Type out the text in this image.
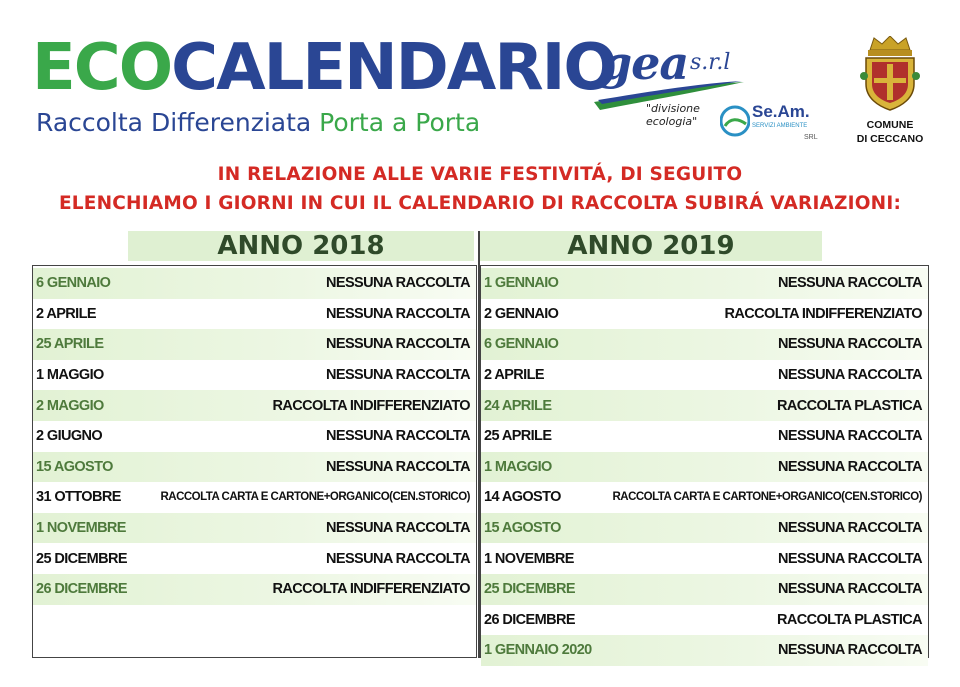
ECOCALENDARIO
Raccolta Differenziata Porta a Porta
gea s.r.l
"divisione ecologia"
Se.Am.
SERVIZI AMBIENTE
SRL
COMUNE
DI CECCANO
IN RELAZIONE ALLE VARIE FESTIVITÁ, DI SEGUITO
ELENCHIAMO I GIORNI IN CUI IL CALENDARIO DI RACCOLTA SUBIRÁ VARIAZIONI:
ANNO 2018	ANNO 2019
6 GENNAIO	NESSUNA RACCOLTA
2 APRILE	NESSUNA RACCOLTA
25 APRILE	NESSUNA RACCOLTA
1 MAGGIO	NESSUNA RACCOLTA
2 MAGGIO	RACCOLTA INDIFFERENZIATO
2 GIUGNO	NESSUNA RACCOLTA
15 AGOSTO	NESSUNA RACCOLTA
31 OTTOBRE	RACCOLTA CARTA E CARTONE+ORGANICO(CEN.STORICO)
1 NOVEMBRE	NESSUNA RACCOLTA
25 DICEMBRE	NESSUNA RACCOLTA
26 DICEMBRE	RACCOLTA INDIFFERENZIATO
1 GENNAIO	NESSUNA RACCOLTA
2 GENNAIO	RACCOLTA INDIFFERENZIATO
6 GENNAIO	NESSUNA RACCOLTA
2 APRILE	NESSUNA RACCOLTA
24 APRILE	RACCOLTA PLASTICA
25 APRILE	NESSUNA RACCOLTA
1 MAGGIO	NESSUNA RACCOLTA
14 AGOSTO	RACCOLTA CARTA E CARTONE+ORGANICO(CEN.STORICO)
15 AGOSTO	NESSUNA RACCOLTA
1 NOVEMBRE	NESSUNA RACCOLTA
25 DICEMBRE	NESSUNA RACCOLTA
26 DICEMBRE	RACCOLTA PLASTICA
1 GENNAIO 2020	NESSUNA RACCOLTA
